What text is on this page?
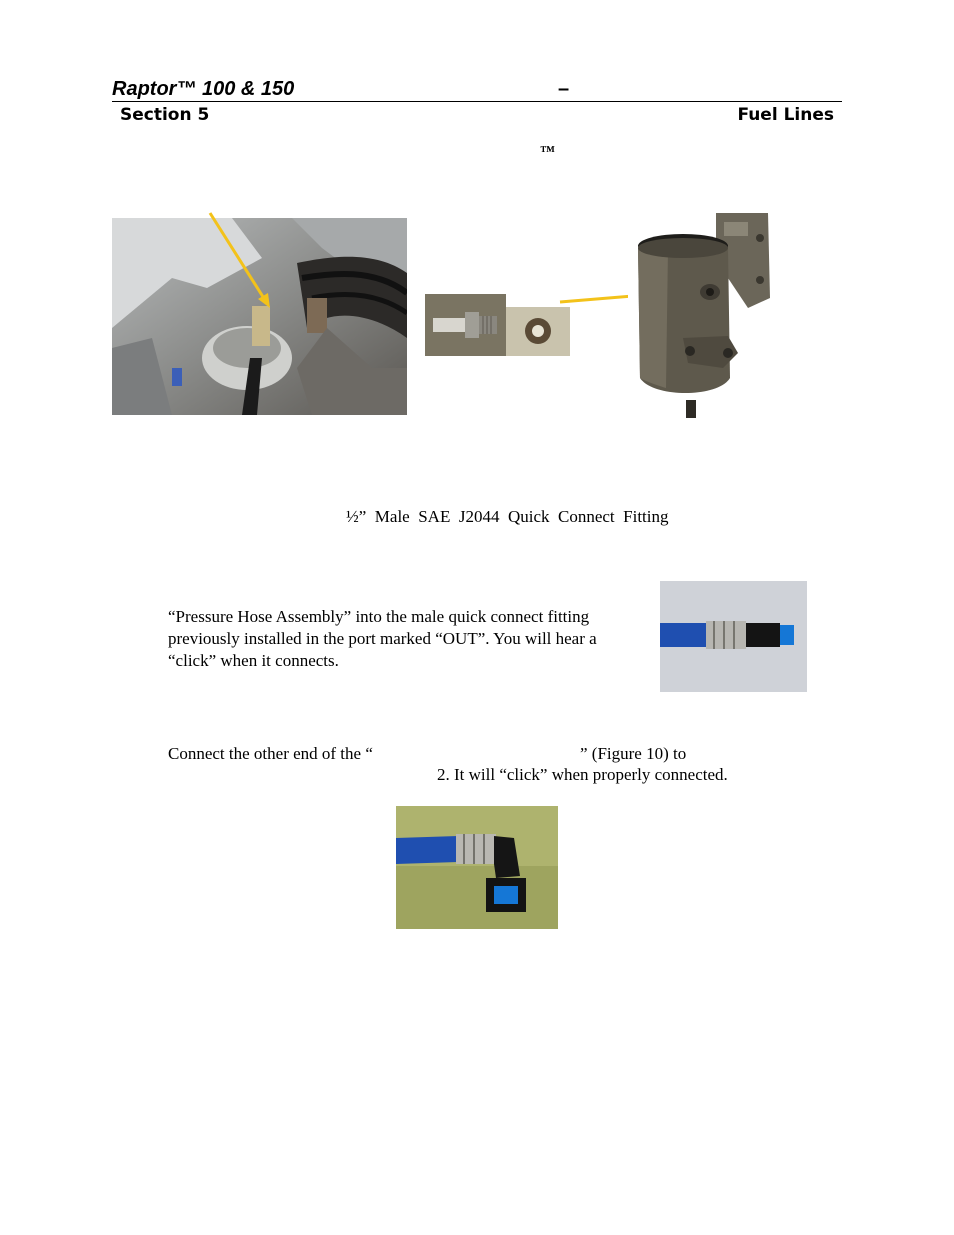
Raptor™ 100 & 150	–
Section 5	Fuel Lines
™
½”  Male  SAE  J2044  Quick  Connect  Fitting
“Pressure Hose Assembly” into the male quick connect fitting
previously installed in the port marked “OUT”. You will hear a
“click” when it connects.
Connect the other end of the “	” (Figure 10) to
2. It will “click” when properly connected.
